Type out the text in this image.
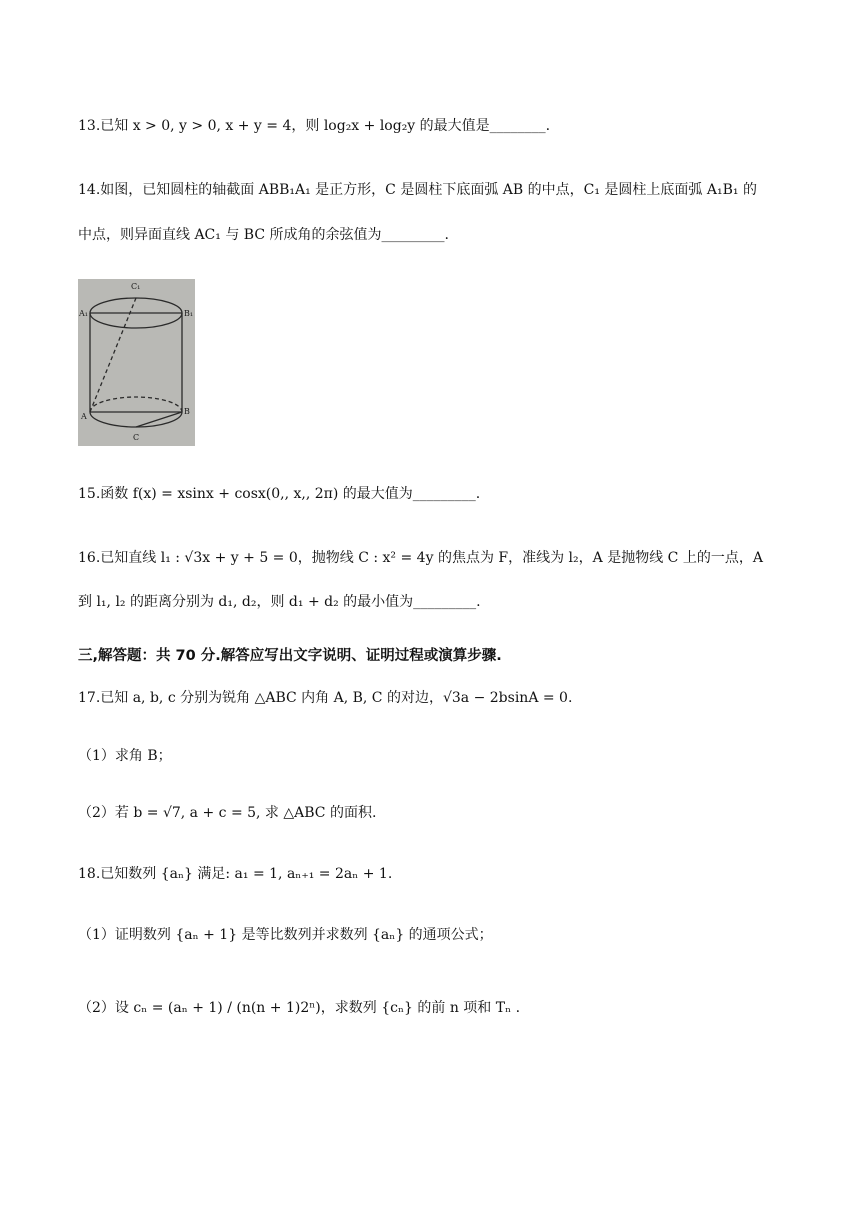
13.已知 x > 0, y > 0, x + y = 4，则 log₂x + log₂y 的最大值是________.
14.如图，已知圆柱的轴截面 ABB₁A₁ 是正方形，C 是圆柱下底面弧 AB 的中点，C₁ 是圆柱上底面弧 A₁B₁ 的
中点，则异面直线 AC₁ 与 BC 所成角的余弦值为_________.
C₁
A₁	B₁
A
B
C
15.函数 f(x) = xsinx + cosx(0,, x,, 2π) 的最大值为_________.
16.已知直线 l₁ : √3x + y + 5 = 0，抛物线 C : x² = 4y 的焦点为 F，准线为 l₂，A 是抛物线 C 上的一点，A
到 l₁, l₂ 的距离分别为 d₁, d₂，则 d₁ + d₂ 的最小值为_________.
三,解答题：共 70 分.解答应写出文字说明、证明过程或演算步骤.
17.已知 a, b, c 分别为锐角 △ABC 内角 A, B, C 的对边，√3a − 2bsinA = 0.
（1）求角 B；
（2）若 b = √7, a + c = 5, 求 △ABC 的面积.
18.已知数列 {aₙ} 满足: a₁ = 1, aₙ₊₁ = 2aₙ + 1.
（1）证明数列 {aₙ + 1} 是等比数列并求数列 {aₙ} 的通项公式；
（2）设 cₙ = (aₙ + 1) / (n(n + 1)2ⁿ)，求数列 {cₙ} 的前 n 项和 Tₙ .
